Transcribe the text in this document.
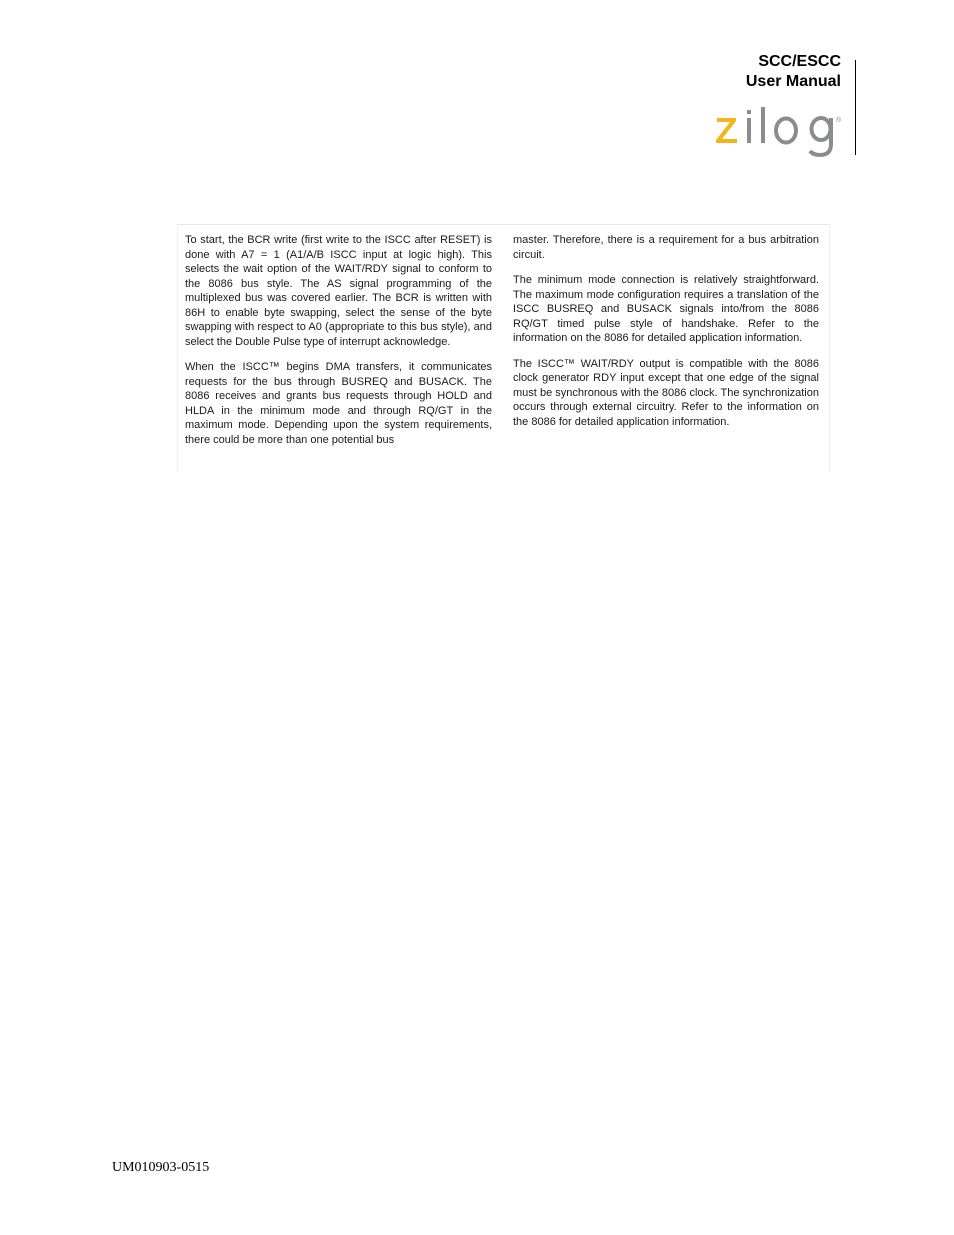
SCC/ESCC
User Manual
®

To start, the BCR write (first write to the ISCC after RESET) is done with A7 = 1 (A1/A/B ISCC input at logic high). This selects the wait option of the WAIT/RDY signal to conform to the 8086 bus style. The AS signal programming of the multiplexed bus was covered earlier. The BCR is written with 86H to enable byte swapping, select the sense of the byte swapping with respect to A0 (appropriate to this bus style), and select the Double Pulse type of interrupt acknowledge.

When the ISCC™ begins DMA transfers, it communicates requests for the bus through BUSREQ and BUSACK. The 8086 receives and grants bus requests through HOLD and HLDA in the minimum mode and through RQ/GT in the maximum mode. Depending upon the system requirements, there could be more than one potential bus

master. Therefore, there is a requirement for a bus arbitration circuit.

The minimum mode connection is relatively straightforward. The maximum mode configuration requires a translation of the ISCC BUSREQ and BUSACK signals into/from the 8086 RQ/GT timed pulse style of handshake. Refer to the information on the 8086 for detailed application information.

The ISCC™ WAIT/RDY output is compatible with the 8086 clock generator RDY input except that one edge of the signal must be synchronous with the 8086 clock. The synchronization occurs through external circuitry. Refer to the information on the 8086 for detailed application information.

UM010903-0515
